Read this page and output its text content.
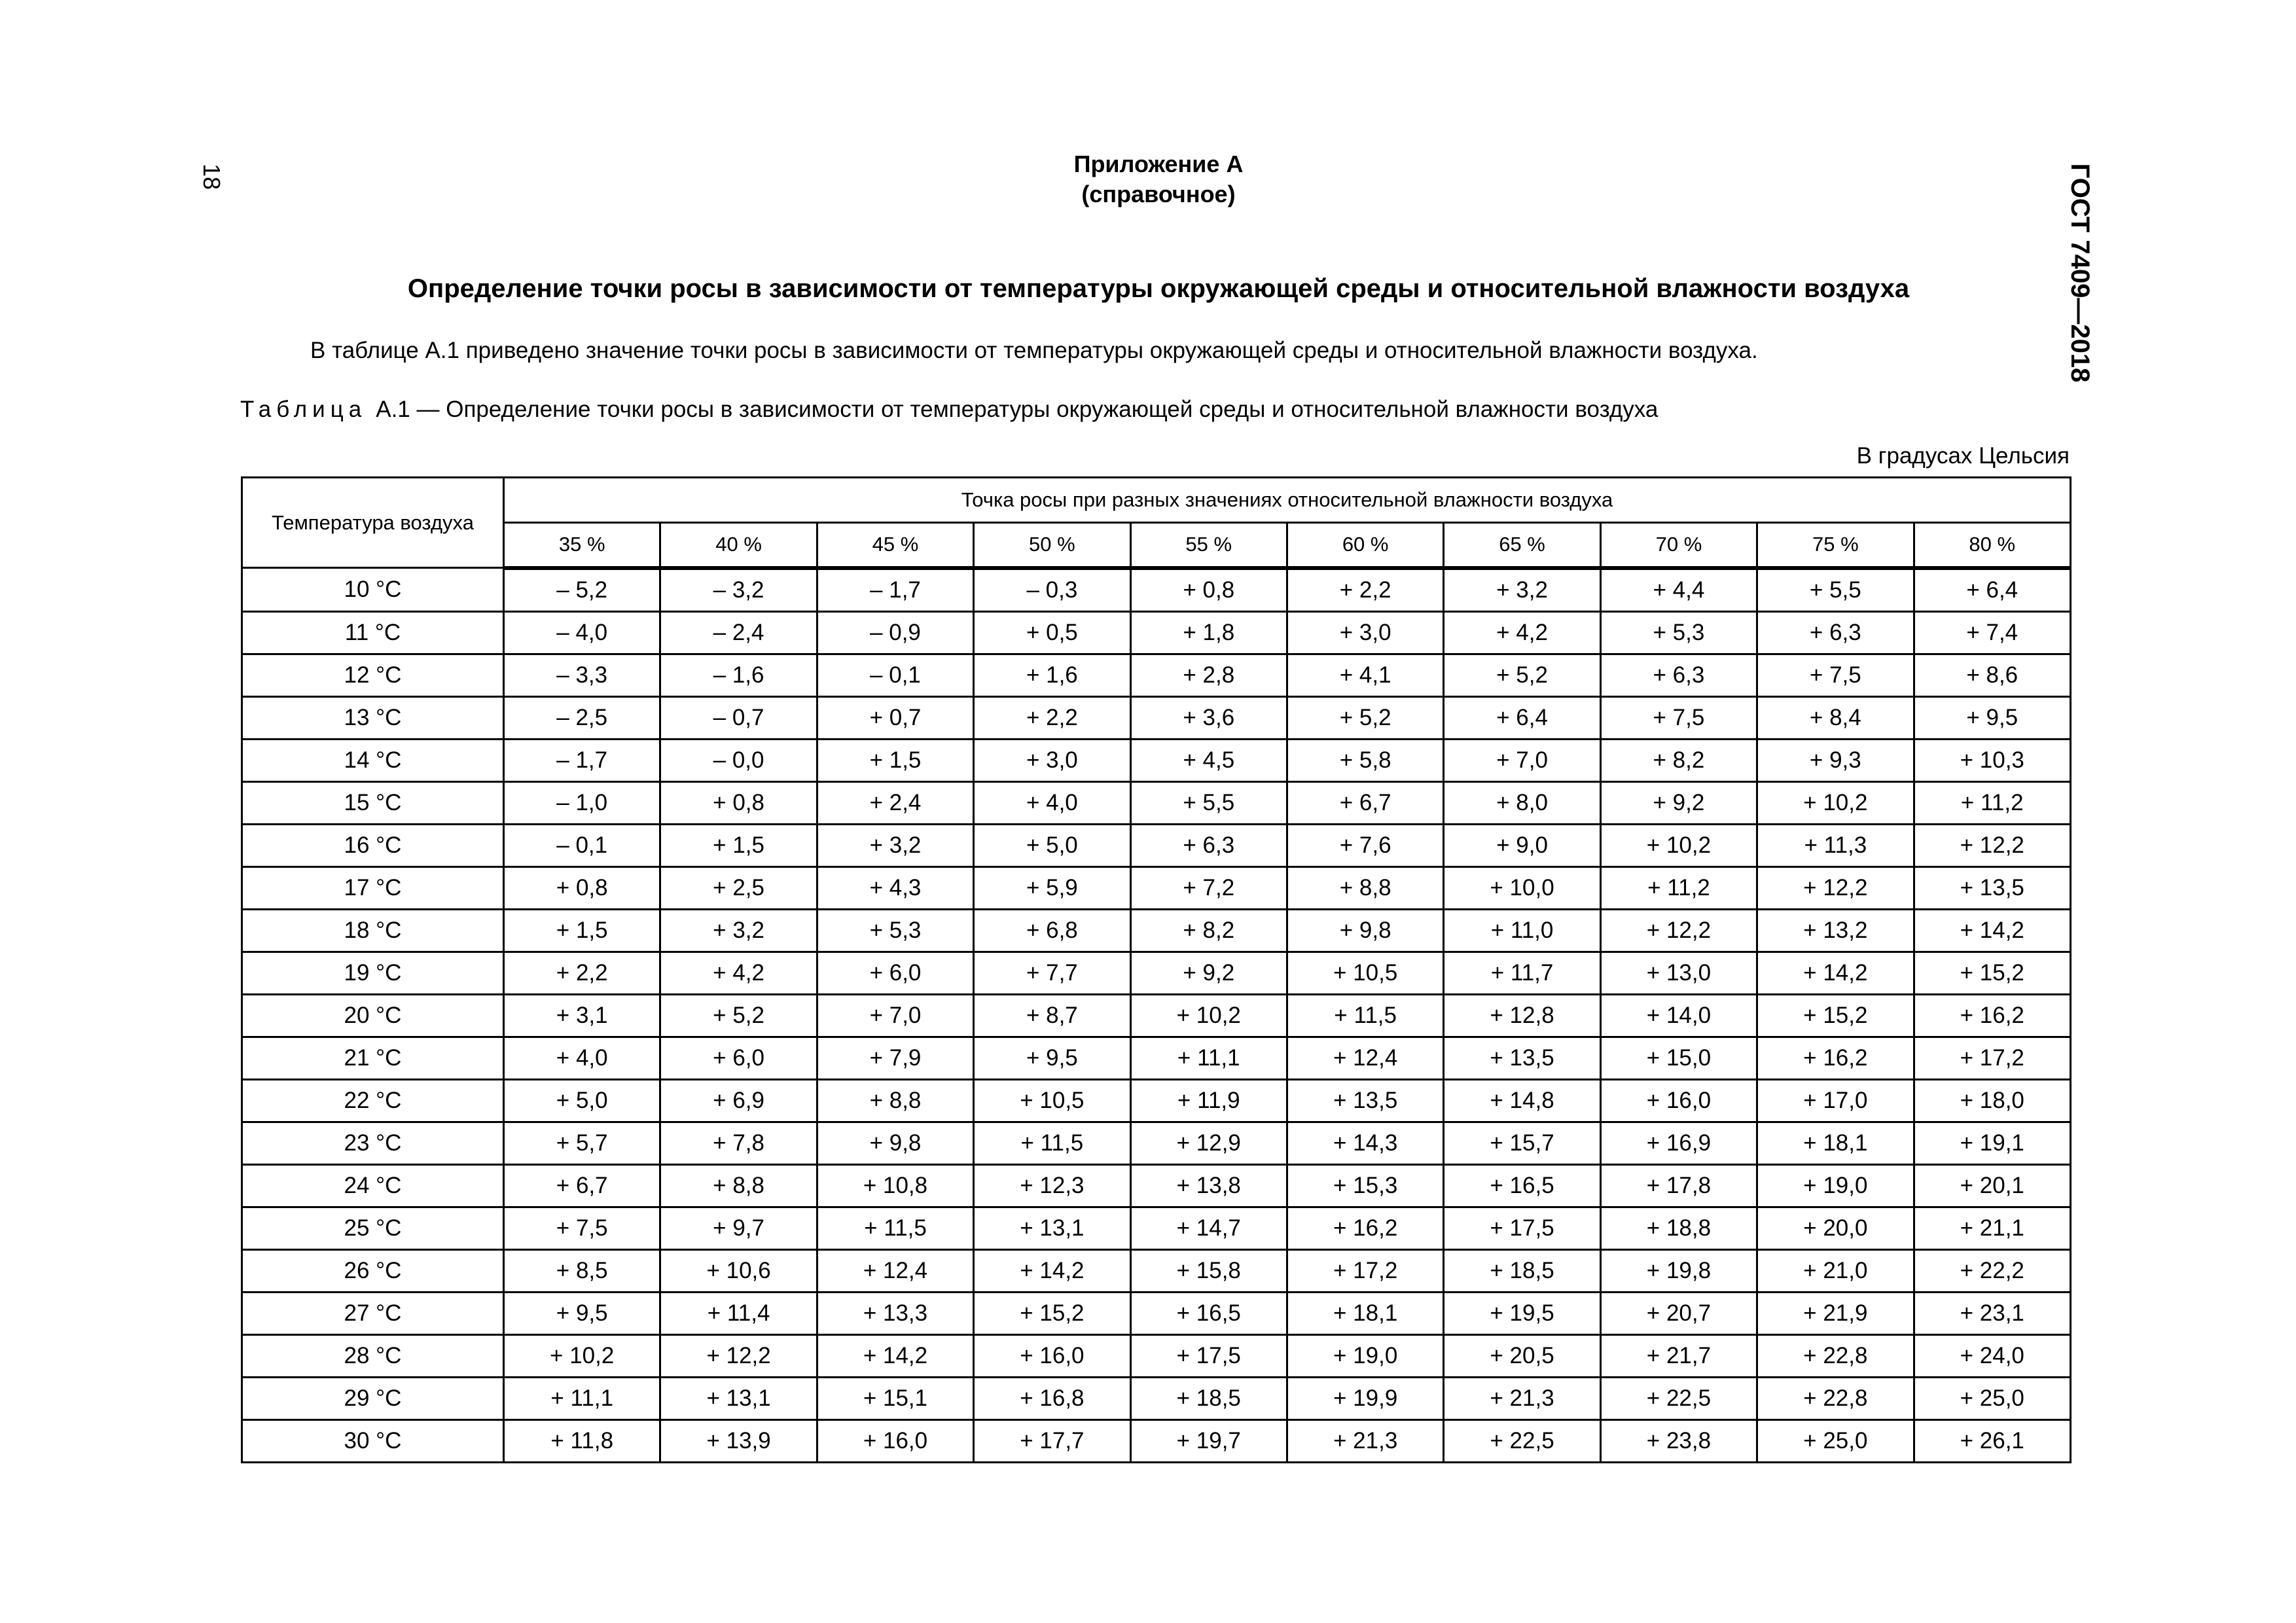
18	ГОСТ 7409—2018
Приложение А
(справочное)
Определение точки росы в зависимости от температуры окружающей среды и относительной влажности воздуха
В таблице А.1 приведено значение точки росы в зависимости от температуры окружающей среды и относительной влажности воздуха.
Таблица А.1 — Определение точки росы в зависимости от температуры окружающей среды и относительной влажности воздуха
В градусах Цельсия
Температура воздуха	Точка росы при разных значениях относительной влажности воздуха									
	35 %	40 %	45 %	50 %	55 %	60 %	65 %	70 %	75 %	80 %
10 °C	– 5,2	– 3,2	– 1,7	– 0,3	+ 0,8	+ 2,2	+ 3,2	+ 4,4	+ 5,5	+ 6,4
11 °C	– 4,0	– 2,4	– 0,9	+ 0,5	+ 1,8	+ 3,0	+ 4,2	+ 5,3	+ 6,3	+ 7,4
12 °C	– 3,3	– 1,6	– 0,1	+ 1,6	+ 2,8	+ 4,1	+ 5,2	+ 6,3	+ 7,5	+ 8,6
13 °C	– 2,5	– 0,7	+ 0,7	+ 2,2	+ 3,6	+ 5,2	+ 6,4	+ 7,5	+ 8,4	+ 9,5
14 °C	– 1,7	– 0,0	+ 1,5	+ 3,0	+ 4,5	+ 5,8	+ 7,0	+ 8,2	+ 9,3	+ 10,3
15 °C	– 1,0	+ 0,8	+ 2,4	+ 4,0	+ 5,5	+ 6,7	+ 8,0	+ 9,2	+ 10,2	+ 11,2
16 °C	– 0,1	+ 1,5	+ 3,2	+ 5,0	+ 6,3	+ 7,6	+ 9,0	+ 10,2	+ 11,3	+ 12,2
17 °C	+ 0,8	+ 2,5	+ 4,3	+ 5,9	+ 7,2	+ 8,8	+ 10,0	+ 11,2	+ 12,2	+ 13,5
18 °C	+ 1,5	+ 3,2	+ 5,3	+ 6,8	+ 8,2	+ 9,8	+ 11,0	+ 12,2	+ 13,2	+ 14,2
19 °C	+ 2,2	+ 4,2	+ 6,0	+ 7,7	+ 9,2	+ 10,5	+ 11,7	+ 13,0	+ 14,2	+ 15,2
20 °C	+ 3,1	+ 5,2	+ 7,0	+ 8,7	+ 10,2	+ 11,5	+ 12,8	+ 14,0	+ 15,2	+ 16,2
21 °C	+ 4,0	+ 6,0	+ 7,9	+ 9,5	+ 11,1	+ 12,4	+ 13,5	+ 15,0	+ 16,2	+ 17,2
22 °C	+ 5,0	+ 6,9	+ 8,8	+ 10,5	+ 11,9	+ 13,5	+ 14,8	+ 16,0	+ 17,0	+ 18,0
23 °C	+ 5,7	+ 7,8	+ 9,8	+ 11,5	+ 12,9	+ 14,3	+ 15,7	+ 16,9	+ 18,1	+ 19,1
24 °C	+ 6,7	+ 8,8	+ 10,8	+ 12,3	+ 13,8	+ 15,3	+ 16,5	+ 17,8	+ 19,0	+ 20,1
25 °C	+ 7,5	+ 9,7	+ 11,5	+ 13,1	+ 14,7	+ 16,2	+ 17,5	+ 18,8	+ 20,0	+ 21,1
26 °C	+ 8,5	+ 10,6	+ 12,4	+ 14,2	+ 15,8	+ 17,2	+ 18,5	+ 19,8	+ 21,0	+ 22,2
27 °C	+ 9,5	+ 11,4	+ 13,3	+ 15,2	+ 16,5	+ 18,1	+ 19,5	+ 20,7	+ 21,9	+ 23,1
28 °C	+ 10,2	+ 12,2	+ 14,2	+ 16,0	+ 17,5	+ 19,0	+ 20,5	+ 21,7	+ 22,8	+ 24,0
29 °C	+ 11,1	+ 13,1	+ 15,1	+ 16,8	+ 18,5	+ 19,9	+ 21,3	+ 22,5	+ 22,8	+ 25,0
30 °C	+ 11,8	+ 13,9	+ 16,0	+ 17,7	+ 19,7	+ 21,3	+ 22,5	+ 23,8	+ 25,0	+ 26,1
